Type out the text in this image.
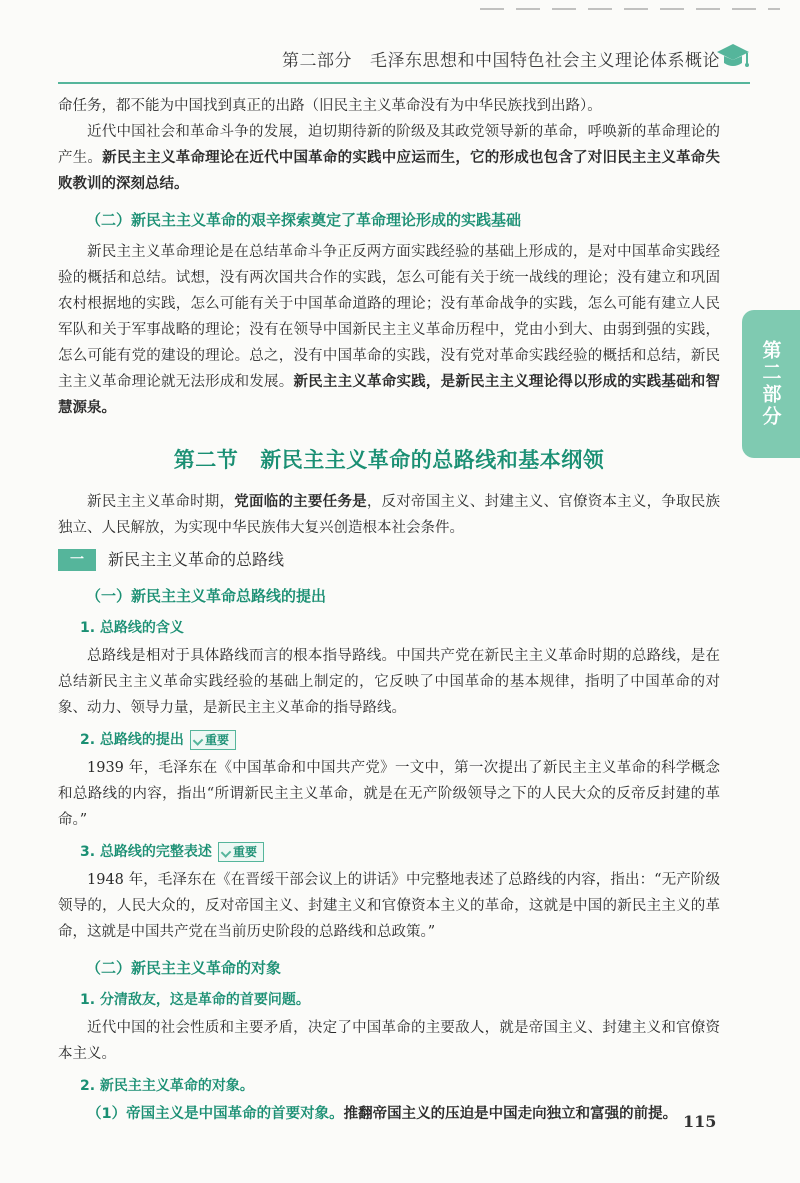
第二部分 毛泽东思想和中国特色社会主义理论体系概论
第二部分

命任务，都不能为中国找到真正的出路（旧民主主义革命没有为中华民族找到出路）。

近代中国社会和革命斗争的发展，迫切期待新的阶级及其政党领导新的革命，呼唤新的革命理论的产生。新民主主义革命理论在近代中国革命的实践中应运而生，它的形成也包含了对旧民主主义革命失败教训的深刻总结。

（二）新民主主义革命的艰辛探索奠定了革命理论形成的实践基础

新民主主义革命理论是在总结革命斗争正反两方面实践经验的基础上形成的，是对中国革命实践经验的概括和总结。试想，没有两次国共合作的实践，怎么可能有关于统一战线的理论；没有建立和巩固农村根据地的实践，怎么可能有关于中国革命道路的理论；没有革命战争的实践，怎么可能有建立人民军队和关于军事战略的理论；没有在领导中国新民主主义革命历程中，党由小到大、由弱到强的实践，怎么可能有党的建设的理论。总之，没有中国革命的实践，没有党对革命实践经验的概括和总结，新民主主义革命理论就无法形成和发展。新民主主义革命实践，是新民主主义理论得以形成的实践基础和智慧源泉。

第二节 新民主主义革命的总路线和基本纲领

新民主主义革命时期，党面临的主要任务是，反对帝国主义、封建主义、官僚资本主义，争取民族独立、人民解放，为实现中华民族伟大复兴创造根本社会条件。

一	新民主主义革命的总路线

（一）新民主主义革命总路线的提出

1. 总路线的含义

总路线是相对于具体路线而言的根本指导路线。中国共产党在新民主主义革命时期的总路线，是在总结新民主主义革命实践经验的基础上制定的，它反映了中国革命的基本规律，指明了中国革命的对象、动力、领导力量，是新民主主义革命的指导路线。

2. 总路线的提出 重要

1939 年，毛泽东在《中国革命和中国共产党》一文中，第一次提出了新民主主义革命的科学概念和总路线的内容，指出“所谓新民主主义革命，就是在无产阶级领导之下的人民大众的反帝反封建的革命。”

3. 总路线的完整表述 重要

1948 年，毛泽东在《在晋绥干部会议上的讲话》中完整地表述了总路线的内容，指出：“无产阶级领导的，人民大众的，反对帝国主义、封建主义和官僚资本主义的革命，这就是中国的新民主主义的革命，这就是中国共产党在当前历史阶段的总路线和总政策。”

（二）新民主主义革命的对象

1. 分清敌友，这是革命的首要问题。

近代中国的社会性质和主要矛盾，决定了中国革命的主要敌人，就是帝国主义、封建主义和官僚资本主义。

2. 新民主主义革命的对象。

（1）帝国主义是中国革命的首要对象。推翻帝国主义的压迫是中国走向独立和富强的前提。 115
